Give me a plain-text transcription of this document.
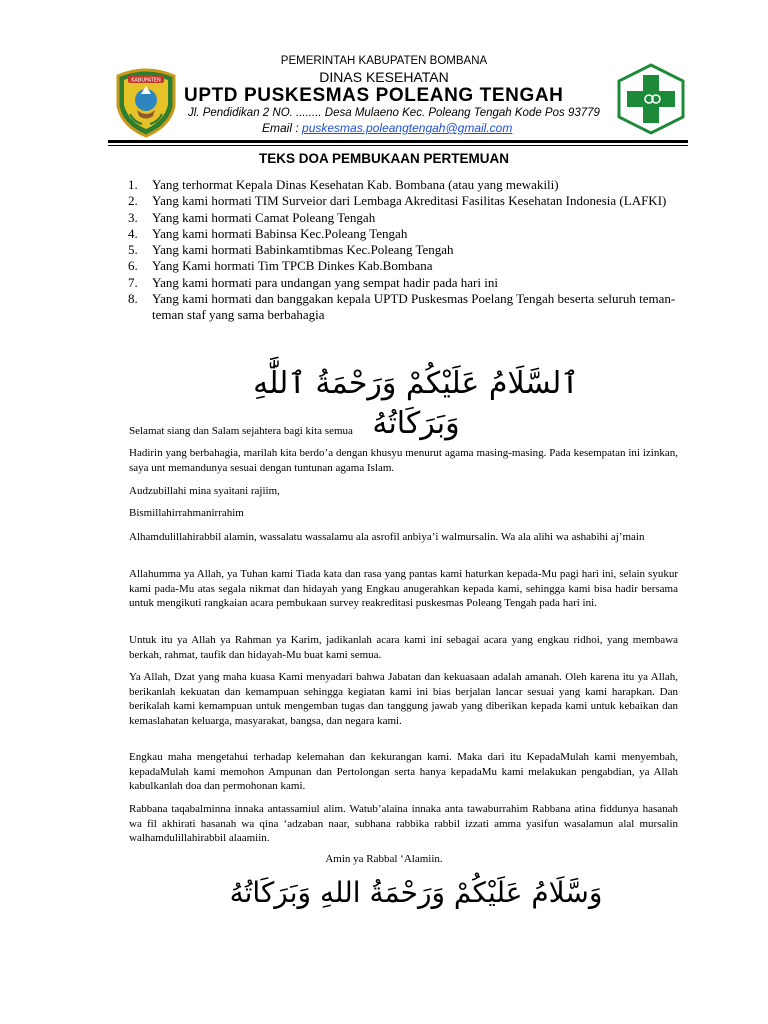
PEMERINTAH KABUPATEN BOMBANA
DINAS KESEHATAN
UPTD PUSKESMAS POLEANG TENGAH
Jl. Pendidikan 2 NO. ........ Desa Mulaeno Kec. Poleang Tengah Kode Pos 93779
Email : puskesmas.poleangtengah@gmail.com
KABUPATEN
TEKS DOA PEMBUKAAN PERTEMUAN
1. Yang terhormat Kepala Dinas Kesehatan Kab. Bombana (atau yang mewakili)
2. Yang kami hormati TIM Surveior dari Lembaga Akreditasi Fasilitas Kesehatan Indonesia (LAFKI)
3. Yang kami hormati Camat Poleang Tengah
4. Yang kami hormati Babinsa Kec.Poleang Tengah
5. Yang kami hormati Babinkamtibmas Kec.Poleang Tengah
6. Yang Kami hormati Tim TPCB Dinkes Kab.Bombana
7. Yang kami hormati para undangan yang sempat hadir pada hari ini
8. Yang kami hormati dan banggakan kepala UPTD Puskesmas Poelang Tengah beserta seluruh teman-teman staf yang sama berbahagia
ٱلسَّلَامُ عَلَيْكُمْ وَرَحْمَةُ ٱللَّٰهِ وَبَرَكَاتُهُ
Selamat siang dan Salam sejahtera bagi kita semua
Hadirin yang berbahagia, marilah kita berdo’a dengan khusyu menurut agama masing-masing. Pada kesempatan ini izinkan, saya unt memandunya sesuai dengan tuntunan agama Islam.
Audzubillahi mina syaitani rajiim,
Bismillahirrahmanirrahim
Alhamdulillahirabbil alamin, wassalatu wassalamu ala asrofil anbiya’i walmursalin. Wa ala alihi wa ashabihi aj’main
Allahumma ya Allah, ya Tuhan kami Tiada kata dan rasa yang pantas kami haturkan kepada-Mu pagi hari ini, selain syukur kami pada-Mu atas segala nikmat dan hidayah yang Engkau anugerahkan kepada kami, sehingga kami bisa hadir bersama untuk mengikuti rangkaian acara pembukaan survey reakreditasi puskesmas Poleang Tengah pada hari ini.
Untuk itu ya Allah ya Rahman ya Karim, jadikanlah acara kami ini sebagai acara yang engkau ridhoi, yang membawa berkah, rahmat, taufik dan hidayah-Mu buat kami semua.
Ya Allah, Dzat yang maha kuasa Kami menyadari bahwa Jabatan dan kekuasaan adalah amanah. Oleh karena itu ya Allah, berikanlah kekuatan dan kemampuan sehingga kegiatan kami ini bias berjalan lancar sesuai yang kami harapkan. Dan berikalah kami kemampuan untuk mengemban tugas dan tanggung jawab yang diberikan kepada kami untuk kebaikan dan kemaslahatan keluarga, masyarakat, bangsa, dan negara kami.
Engkau maha mengetahui terhadap kelemahan dan kekurangan kami. Maka dari itu KepadaMulah kami menyembah, kepadaMulah kami memohon Ampunan dan Pertolongan serta hanya kepadaMu kami melakukan pengabdian, ya Allah kabulkanlah doa dan permohonan kami.
Rabbana taqabalminna innaka antassamiul alim. Watub’alaina innaka anta tawaburrahim Rabbana atina fiddunya hasanah wa fil akhirati hasanah wa qina ‘adzaban naar, subhana rabbika rabbil izzati amma yasifun wasalamun alal mursalin walhamdulillahirabbil alaamiin.
Amin ya Rabbal ‘Alamiin.
وَسَّلَامُ عَلَيْكُمْ وَرَحْمَةُ اللهِ وَبَرَكَاتُهُ
